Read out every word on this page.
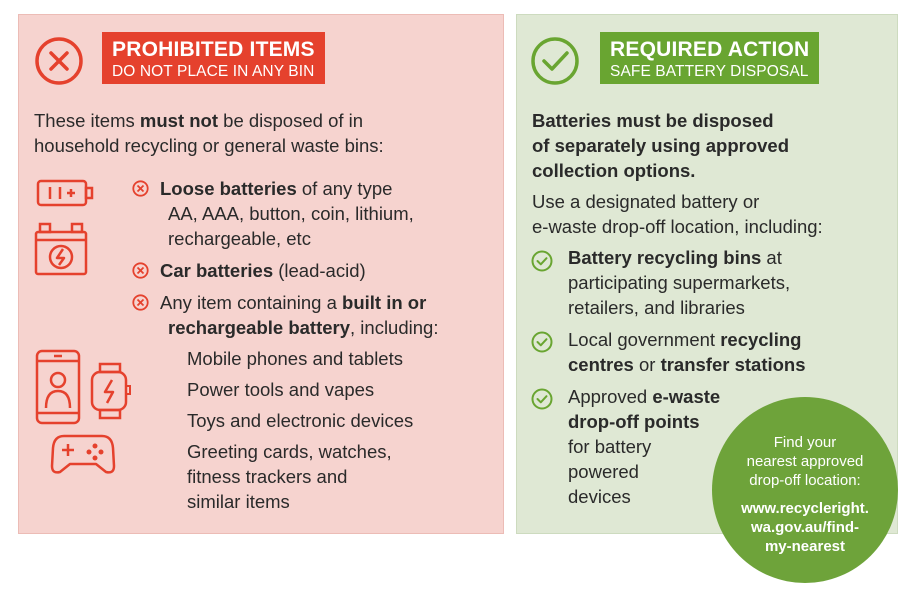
PROHIBITED ITEMS
DO NOT PLACE IN ANY BIN
These items must not be disposed of in
household recycling or general waste bins:
Loose batteries of any type
AA, AAA, button, coin, lithium,
rechargeable, etc
Car batteries (lead-acid)
Any item containing a built in or
rechargeable battery, including:
Mobile phones and tablets
Power tools and vapes
Toys and electronic devices
Greeting cards, watches,
fitness trackers and
similar items
REQUIRED ACTION
SAFE BATTERY DISPOSAL
Batteries must be disposed
of separately using approved
collection options.
Use a designated battery or
e-waste drop-off location, including:
Battery recycling bins at
participating supermarkets,
retailers, and libraries
Local government recycling
centres or transfer stations
Approved e-waste
drop-off points
for battery
powered
devices
Find your
nearest approved
drop-off location:
www.recycleright.
wa.gov.au/find-
my-nearest
